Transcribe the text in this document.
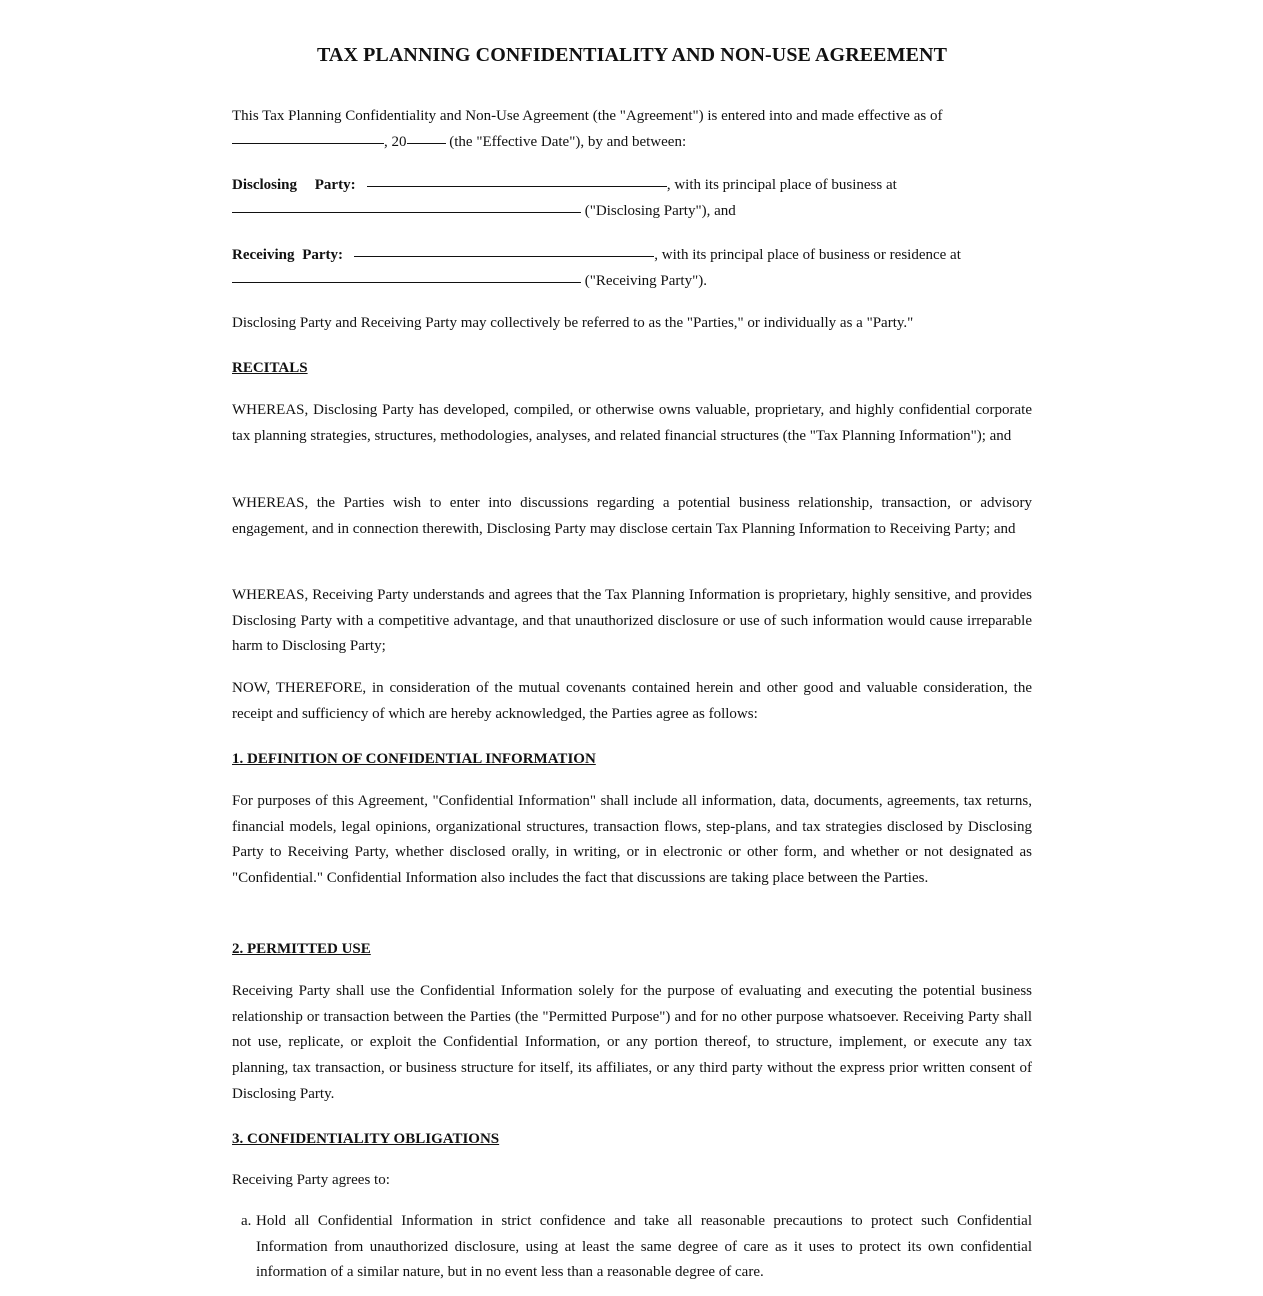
TAX PLANNING CONFIDENTIALITY AND NON-USE AGREEMENT

This Tax Planning Confidentiality and Non-Use Agreement (the "Agreement") is entered into and made effective as of
, 20	(the "Effective Date"), by and between:

Disclosing Party:	, with its principal place of business at
("Disclosing Party"), and

Receiving Party:	, with its principal place of business or residence at
("Receiving Party").

Disclosing Party and Receiving Party may collectively be referred to as the "Parties," or individually as a "Party."

RECITALS

WHEREAS, Disclosing Party has developed, compiled, or otherwise owns valuable, proprietary, and highly confidential corporate tax planning strategies, structures, methodologies, analyses, and related financial structures (the "Tax Planning Information"); and

WHEREAS, the Parties wish to enter into discussions regarding a potential business relationship, transaction, or advisory engagement, and in connection therewith, Disclosing Party may disclose certain Tax Planning Information to Receiving Party; and

WHEREAS, Receiving Party understands and agrees that the Tax Planning Information is proprietary, highly sensitive, and provides Disclosing Party with a competitive advantage, and that unauthorized disclosure or use of such information would cause irreparable harm to Disclosing Party;

NOW, THEREFORE, in consideration of the mutual covenants contained herein and other good and valuable consideration, the receipt and sufficiency of which are hereby acknowledged, the Parties agree as follows:

1. DEFINITION OF CONFIDENTIAL INFORMATION

For purposes of this Agreement, "Confidential Information" shall include all information, data, documents, agreements, tax returns, financial models, legal opinions, organizational structures, transaction flows, step-plans, and tax strategies disclosed by Disclosing Party to Receiving Party, whether disclosed orally, in writing, or in electronic or other form, and whether or not designated as "Confidential." Confidential Information also includes the fact that discussions are taking place between the Parties.

2. PERMITTED USE

Receiving Party shall use the Confidential Information solely for the purpose of evaluating and executing the potential business relationship or transaction between the Parties (the "Permitted Purpose") and for no other purpose whatsoever. Receiving Party shall not use, replicate, or exploit the Confidential Information, or any portion thereof, to structure, implement, or execute any tax planning, tax transaction, or business structure for itself, its affiliates, or any third party without the express prior written consent of Disclosing Party.

3. CONFIDENTIALITY OBLIGATIONS

Receiving Party agrees to:

a. Hold all Confidential Information in strict confidence and take all reasonable precautions to protect such Confidential Information from unauthorized disclosure, using at least the same degree of care as it uses to protect its own confidential information of a similar nature, but in no event less than a reasonable degree of care.
